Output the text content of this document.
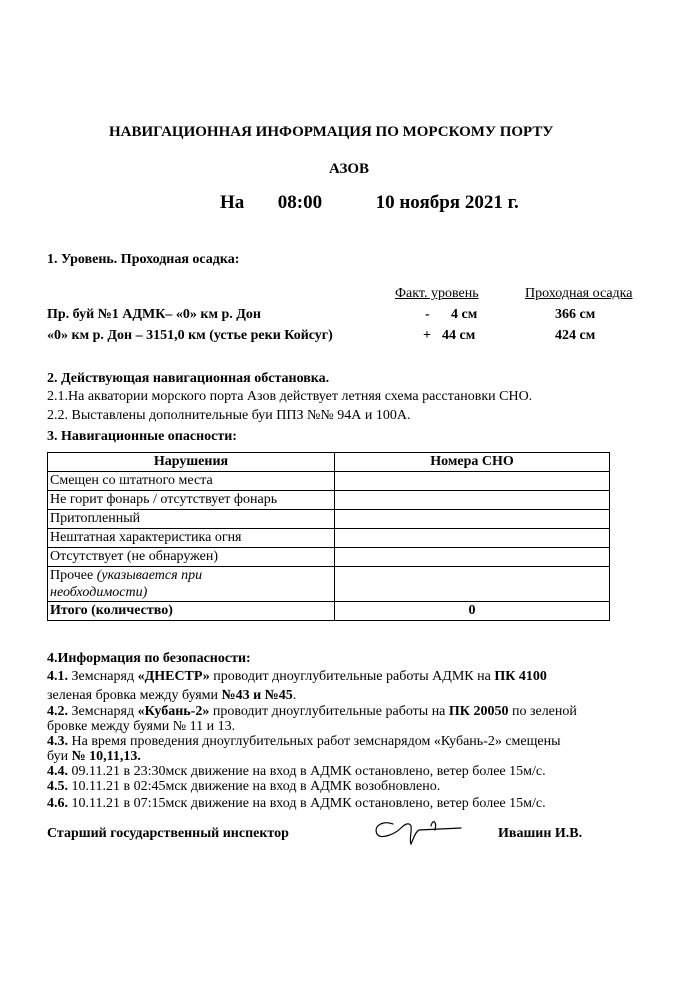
НАВИГАЦИОННАЯ ИНФОРМАЦИЯ ПО МОРСКОМУ ПОРТУ
АЗОВ
На 08:00	10 ноября 2021 г.
1. Уровень. Проходная осадка:
Факт. уровень	Проходная осадка
Пр. буй №1 АДМК– «0» км р. Дон	- 4 см	366 см
«0» км р. Дон – 3151,0 км (устье реки Койсуг)	+ 44 см	424 см
2. Действующая навигационная обстановка.
2.1.На акватории морского порта Азов действует летняя схема расстановки СНО.
2.2. Выставлены дополнительные буи ППЗ №№ 94А и 100А.
3. Навигационные опасности:
Нарушения	Номера СНО
Смещен со штатного места	
Не горит фонарь / отсутствует фонарь	
Притопленный	
Нештатная характеристика огня	
Отсутствует (не обнаружен)	
Прочее (указывается при
необходимости)	
Итого (количество)	0
4.Информация по безопасности:
4.1. Земснаряд «ДНЕСТР» проводит дноуглубительные работы АДМК на ПК 4100
зеленая бровка между буями №43 и №45.
4.2. Земснаряд «Кубань-2» проводит дноуглубительные работы на ПК 20050 по зеленой
бровке между буями № 11 и 13.
4.3. На время проведения дноуглубительных работ земснарядом «Кубань-2» смещены
буи № 10,11,13.
4.4. 09.11.21 в 23:30мск движение на вход в АДМК остановлено, ветер более 15м/с.
4.5. 10.11.21 в 02:45мск движение на вход в АДМК возобновлено.
4.6. 10.11.21 в 07:15мск движение на вход в АДМК остановлено, ветер более 15м/с.
Старший государственный инспектор	Ивашин И.В.
